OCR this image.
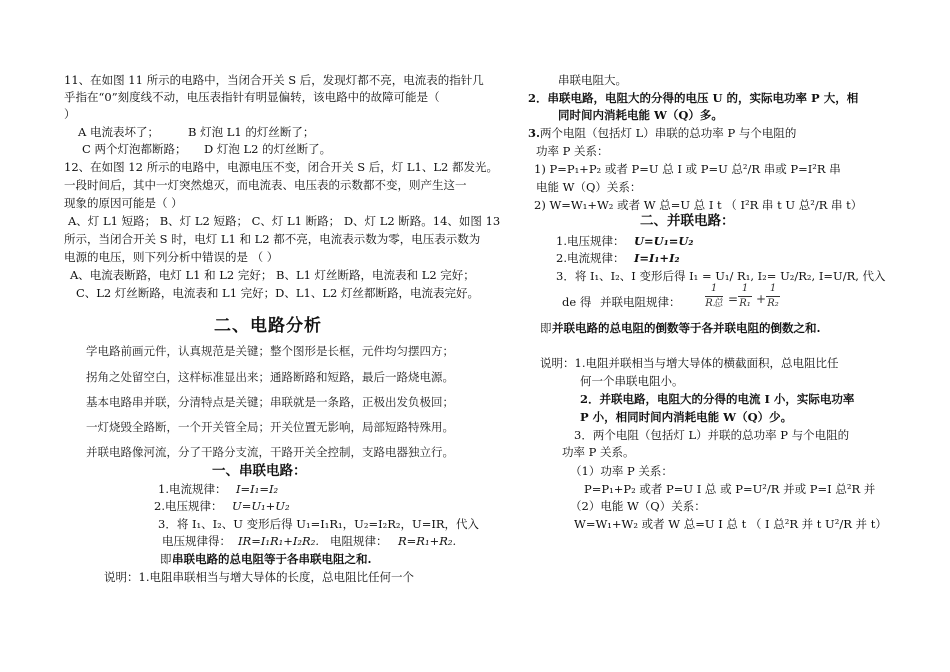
11、在如图 11 所示的电路中，当闭合开关 S 后，发现灯都不亮，电流表的指针几
乎指在“0”刻度线不动，电压表指针有明显偏转，该电路中的故障可能是（
）
A 电流表坏了；	B 灯泡 L1 的灯丝断了；
C 两个灯泡都断路； D 灯泡 L2 的灯丝断了。
12、在如图 12 所示的电路中，电源电压不变，闭合开关 S 后，灯 L1、L2 都发光。
一段时间后，其中一灯突然熄灭，而电流表、电压表的示数都不变，则产生这一
现象的原因可能是（ ）
A、灯 L1 短路； B、灯 L2 短路； C、灯 L1 断路； D、灯 L2 断路。14、如图 13
所示，当闭合开关 S 时，电灯 L1 和 L2 都不亮，电流表示数为零，电压表示数为
电源的电压，则下列分析中错误的是 （ ）
A、电流表断路，电灯 L1 和 L2 完好； B、L1 灯丝断路，电流表和 L2 完好；
C、L2 灯丝断路，电流表和 L1 完好；D、L1、L2 灯丝都断路，电流表完好。
二、电路分析
学电路前画元件，认真规范是关键；整个图形是长框，元件均匀摆四方；
拐角之处留空白，这样标准显出来；通路断路和短路，最后一路烧电源。
基本电路串并联，分清特点是关键；串联就是一条路，正极出发负极回；
一灯烧毁全路断，一个开关管全局；开关位置无影响，局部短路特殊用。
并联电路像河流，分了干路分支流，干路开关全控制，支路电器独立行。
一、串联电路：
1.电流规律： I=I₁=I₂
2.电压规律： U=U₁+U₂
3．将 I₁、I₂、U 变形后得 U₁=I₁R₁，U₂=I₂R₂，U=IR，代入
电压规律得： IR=I₁R₁+I₂R₂. 电阻规律： R=R₁+R₂.
即 串联电路的总电阻等于各串联电阻之和.
说明：1.电阻串联相当与增大导体的长度，总电阻比任何一个
串联电阻大。
2．串联电路，电阻大的分得的电压 U 的，实际电功率 P 大，相
同时间内消耗电能 W（Q）多。
3. 两个电阻（包括灯 L）串联的总功率 P 与个电阻的
功率 P 关系：
1) P=P₁+P₂ 或者 P=U 总 I 或 P=U 总²/R 串或 P=I²R 串
电能 W（Q）关系：
2) W=W₁+W₂ 或者 W 总=U 总 I t （ I²R 串 t U 总²/R 串 t）
二、并联电路：
1.电压规律： U=U₁=U₂
2.电流规律： I=I₁+I₂
3．将 I₁、I₂、I 变形后得 I₁ = U₁/ R₁, I₂= U₂/R₂, I=U/R, 代入
de 得 并联电阻规律：
1
R总 =
1
R₁ +
1
R₂
即 并联电路的总电阻的倒数等于各并联电阻的倒数之和.
说明：1.电阻并联相当与增大导体的横截面积，总电阻比任
何一个串联电阻小。
2．并联电路，电阻大的分得的电流 I 小，实际电功率
P 小，相同时间内消耗电能 W（Q）少。
3．两个电阻（包括灯 L）并联的总功率 P 与个电阻的
功率 P 关系。
（1）功率 P 关系：
P=P₁+P₂ 或者 P=U I 总 或 P=U²/R 并或 P=I 总²R 并
（2）电能 W（Q）关系：
W=W₁+W₂ 或者 W 总=U I 总 t （ I 总²R 并 t U²/R 并 t）
